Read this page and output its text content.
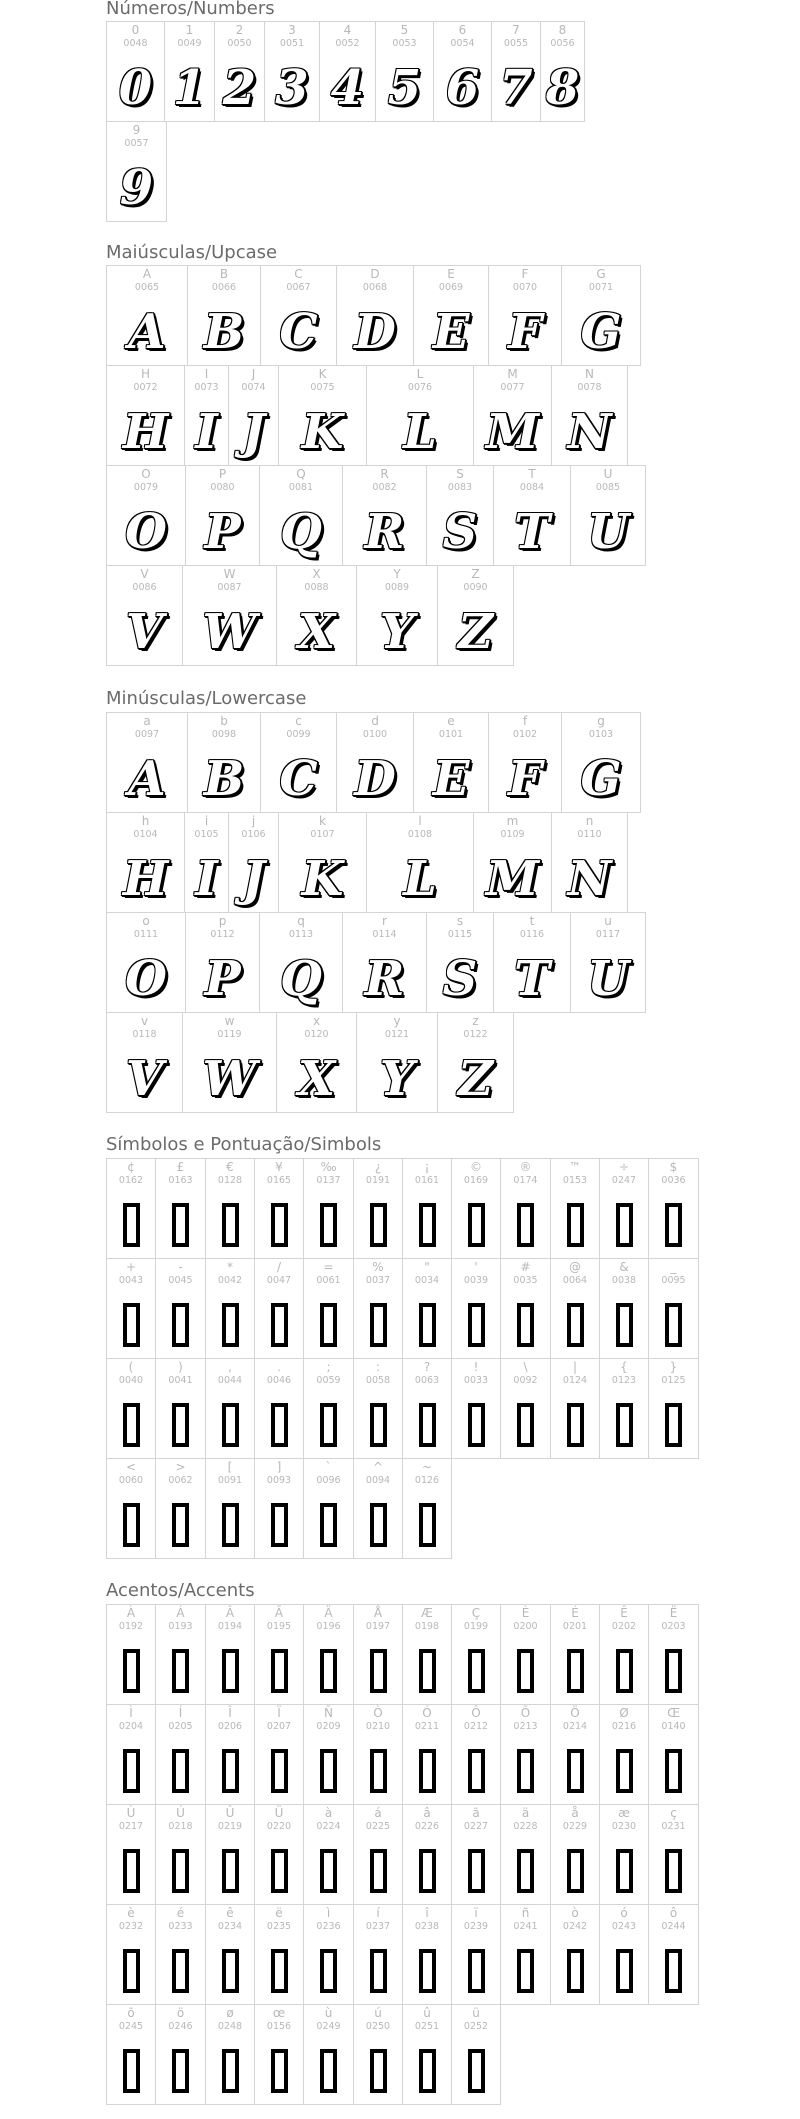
Números/Numbers
Maiúsculas/Upcase
Minúsculas/Lowercase
Símbolos e Pontuação/Simbols
Acentos/Accents
0
0048
0
1
0049
1
2
0050
2
3
0051
3
4
0052
4
5
0053
5
6
0054
6
7
0055
7
8
0056
8
9
0057
9
A
0065
A
B
0066
B
C
0067
C
D
0068
D
E
0069
E
F
0070
F
G
0071
G
H
0072
H
I
0073
I
J
0074
J
K
0075
K
L
0076
L
M
0077
M
N
0078
N
O
0079
O
P
0080
P
Q
0081
Q
R
0082
R
S
0083
S
T
0084
T
U
0085
U
V
0086
V
W
0087
W
X
0088
X
Y
0089
Y
Z
0090
Z
a
0097
A
b
0098
B
c
0099
C
d
0100
D
e
0101
E
f
0102
F
g
0103
G
h
0104
H
i
0105
I
j
0106
J
k
0107
K
l
0108
L
m
0109
M
n
0110
N
o
0111
O
p
0112
P
q
0113
Q
r
0114
R
s
0115
S
t
0116
T
u
0117
U
v
0118
V
w
0119
W
x
0120
X
y
0121
Y
z
0122
Z
¢
0162
£
0163
€
0128
¥
0165
‰
0137
¿
0191
¡
0161
©
0169
®
0174
™
0153
÷
0247
$
0036
+
0043
-
0045
*
0042
/
0047
=
0061
%
0037
"
0034
'
0039
#
0035
@
0064
&
0038
_
0095
(
0040
)
0041
,
0044
.
0046
;
0059
:
0058
?
0063
!
0033
\
0092
|
0124
{
0123
}
0125
<
0060
>
0062
[
0091
]
0093
`
0096
^
0094
~
0126
À
0192
Á
0193
Â
0194
Ã
0195
Ä
0196
Å
0197
Æ
0198
Ç
0199
È
0200
É
0201
Ê
0202
Ë
0203
Ì
0204
Í
0205
Î
0206
Ï
0207
Ñ
0209
Ò
0210
Ó
0211
Ô
0212
Õ
0213
Ö
0214
Ø
0216
Œ
0140
Ù
0217
Ú
0218
Û
0219
Ü
0220
à
0224
á
0225
â
0226
ã
0227
ä
0228
å
0229
æ
0230
ç
0231
è
0232
é
0233
ê
0234
ë
0235
ì
0236
í
0237
î
0238
ï
0239
ñ
0241
ò
0242
ó
0243
ô
0244
õ
0245
ö
0246
ø
0248
œ
0156
ù
0249
ú
0250
û
0251
ü
0252
